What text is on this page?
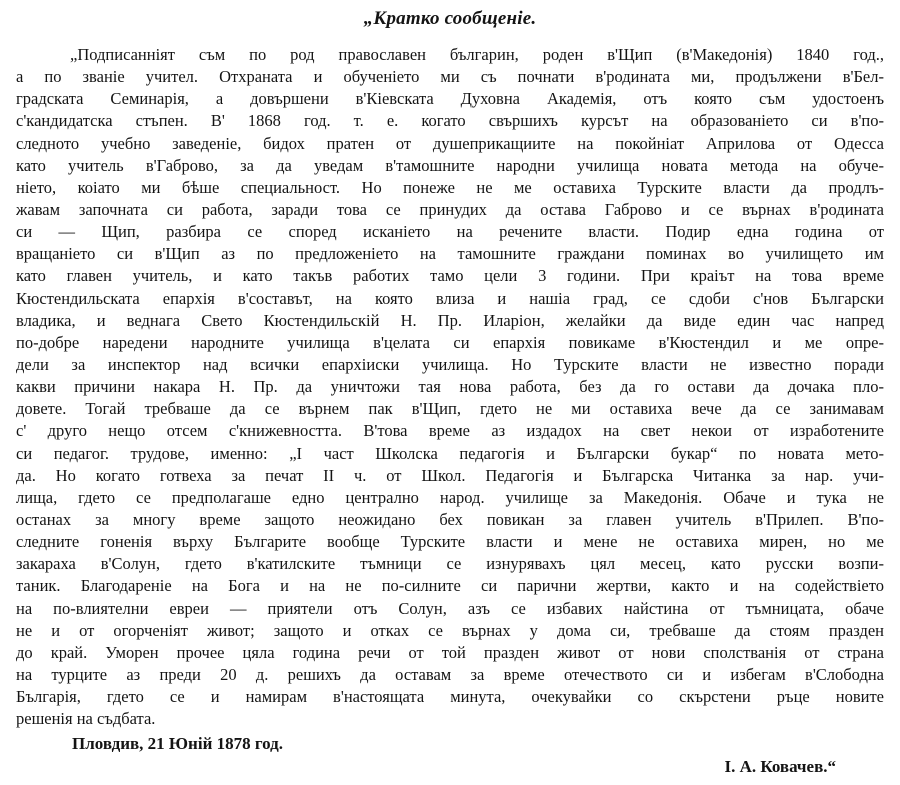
„Кратко сообщеніе.
„Подписанніят съм по род православен българин, роден в'Щип (в'Македонія) 1840 год.,
а по званіе учител. Отхраната и обученіето ми съ почнати в'родината ми, продължени в'Бел-
градската Семинарія, а довършени в'Кіевската Духовна Академія, отъ която съм удостоенъ
с'кандидатска стъпен. В' 1868 год. т. е. когато свършихъ курсът на образованіето си в'по-
следното учебно заведеніе, бидох пратен от душеприкащиите на покойніат Априлова от Одесса
като учитель в'Габрово, за да уведам в'тамошните народни училища новата метода на обуче-
ніето, коіато ми бѣше специальност. Но понеже не ме оставиха Турските власти да продлъ-
жавам започната си работа, заради това се принудих да остава Габрово и се върнах в'родината
си — Щип, разбира се според исканіето на речените власти. Подир една година от
вращаніето си в'Щип аз по предложеніето на тамошните граждани поминах во училището им
като главен учитель, и като такъв работих тамо цели 3 години. При краіът на това време
Кюстендильската епархія в'составът, на която влиза и нашіа град, се сдоби с'нов Български
владика, и веднага Свето Кюстендильскій Н. Пр. Иларіон, желайки да виде един час напред
по-добре наредени народните училища в'целата си епархія повикаме в'Кюстендил и ме опре-
дели за инспектор над всички епархіиски училища. Но Турските власти не известно поради
какви причини накара Н. Пр. да уничтожи тая нова работа, без да го остави да дочака пло-
довете. Тогай требваше да се върнем пак в'Щип, гдето не ми оставиха вече да се занимавам
с' друго нещо отсем с'книжевността. В'това време аз издадох на свет некои от изработените
си педагог. трудове, именно: „I част Школска педагогія и Български букар“ по новата мето-
да. Но когато готвеха за печат II ч. от Школ. Педагогія и Българска Читанка за нар. учи-
лища, гдето се предполагаше едно централно народ. училище за Македонія. Обаче и тука не
останах за многу време защото неожидано бех повикан за главен учитель в'Прилеп. В'по-
следните гоненія върху Българите вообще Турските власти и мене не оставиха мирен, но ме
закараха в'Солун, гдето в'катилските тъмници се изнурявахъ цял месец, като русски возпи-
таник. Благодареніе на Бога и на не по-силните си парични жертви, както и на содействіето
на по-влиятелни евреи — приятели отъ Солун, азъ се избавих найстина от тъмницата, обаче
не и от огорченіят живот; защото и отках се върнах у дома си, требваше да стоям празден
до край. Уморен прочее цяла година речи от той празден живот от нови сполстванія от страна
на турците аз преди 20 д. решихъ да оставам за време отечеството си и избегам в'Слободна
Българія, гдето се и намирам в'настоящата минута, очекувайки со скърстени ръце новите
решенія на съдбата.
Пловдив, 21 Юній 1878 год.
I. А. Ковачев.“
